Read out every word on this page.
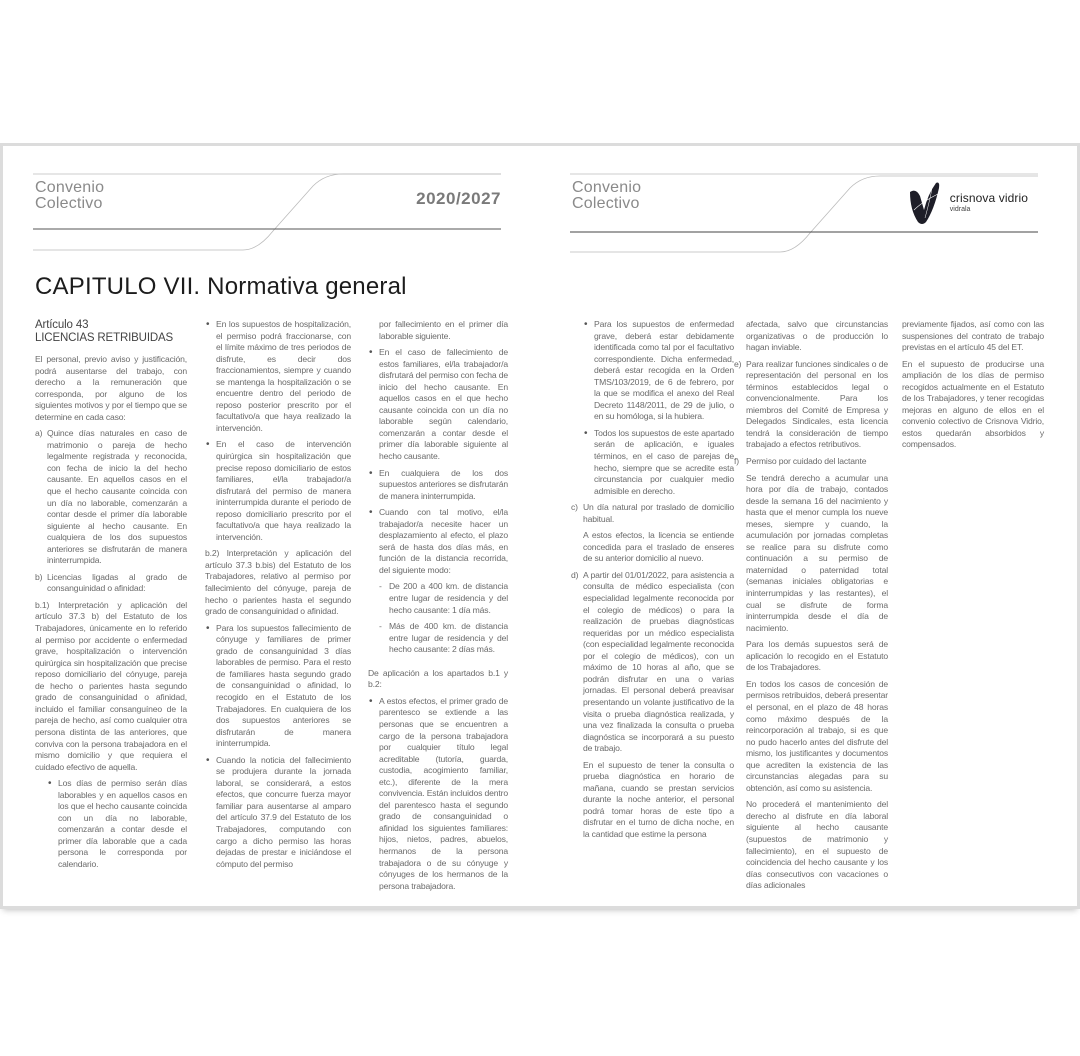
Convenio
Colectivo	2020/2027
CAPITULO VII. Normativa general
Artículo 43
LICENCIAS RETRIBUIDAS

El personal, previo aviso y justificación, podrá ausentarse del trabajo, con derecho a la remuneración que corresponda, por alguno de los siguientes motivos y por el tiempo que se determine en cada caso:

a) Quince días naturales en caso de matrimonio o pareja de hecho legalmente registrada y reconocida, con fecha de inicio la del hecho causante. En aquellos casos en el que el hecho causante coincida con un día no laborable, comenzarán a contar desde el primer día laborable siguiente al hecho causante. En cualquiera de los dos supuestos anteriores se disfrutarán de manera ininterrumpida.
b) Licencias ligadas al grado de consanguinidad o afinidad:

b.1) Interpretación y aplicación del artículo 37.3 b) del Estatuto de los Trabajadores, únicamente en lo referido al permiso por accidente o enfermedad grave, hospitalización o intervención quirúrgica sin hospitalización que precise reposo domiciliario del cónyuge, pareja de hecho o parientes hasta segundo grado de consanguinidad o afinidad, incluido el familiar consanguíneo de la pareja de hecho, así como cualquier otra persona distinta de las anteriores, que conviva con la persona trabajadora en el mismo domicilio y que requiera el cuidado efectivo de aquella.

• Los días de permiso serán días laborables y en aquellos casos en los que el hecho causante coincida con un día no laborable, comenzarán a contar desde el primer día laborable que a cada persona le corresponda por calendario.
• En los supuestos de hospitalización, el permiso podrá fraccionarse, con el límite máximo de tres periodos de disfrute, es decir dos fraccionamientos, siempre y cuando se mantenga la hospitalización o se encuentre dentro del periodo de reposo posterior prescrito por el facultativo/a que haya realizado la intervención.
• En el caso de intervención quirúrgica sin hospitalización que precise reposo domiciliario de estos familiares, el/la trabajador/a disfrutará del permiso de manera ininterrumpida durante el periodo de reposo domiciliario prescrito por el facultativo/a que haya realizado la intervención.

b.2) Interpretación y aplicación del artículo 37.3 b.bis) del Estatuto de los Trabajadores, relativo al permiso por fallecimiento del cónyuge, pareja de hecho o parientes hasta el segundo grado de consanguinidad o afinidad.

• Para los supuestos fallecimiento de cónyuge y familiares de primer grado de consanguinidad 3 días laborables de permiso. Para el resto de familiares hasta segundo grado de consanguinidad o afinidad, lo recogido en el Estatuto de los Trabajadores. En cualquiera de los dos supuestos anteriores se disfrutarán de manera ininterrumpida.
• Cuando la noticia del fallecimiento se produjera durante la jornada laboral, se considerará, a estos efectos, que concurre fuerza mayor familiar para ausentarse al amparo del artículo 37.9 del Estatuto de los Trabajadores, computando con cargo a dicho permiso las horas dejadas de prestar e iniciándose el cómputo del permiso

por fallecimiento en el primer día laborable siguiente.

• En el caso de fallecimiento de estos familiares, el/la trabajador/a disfrutará del permiso con fecha de inicio del hecho causante. En aquellos casos en el que hecho causante coincida con un día no laborable según calendario, comenzarán a contar desde el primer día laborable siguiente al hecho causante.
• En cualquiera de los dos supuestos anteriores se disfrutarán de manera ininterrumpida.
• Cuando con tal motivo, el/la trabajador/a necesite hacer un desplazamiento al efecto, el plazo será de hasta dos días más, en función de la distancia recorrida, del siguiente modo:
- De 200 a 400 km. de distancia entre lugar de residencia y del hecho causante: 1 día más.
- Más de 400 km. de distancia entre lugar de residencia y del hecho causante: 2 días más.

De aplicación a los apartados b.1 y b.2:

• A estos efectos, el primer grado de parentesco se extiende a las personas que se encuentren a cargo de la persona trabajadora por cualquier título legal acreditable (tutoría, guarda, custodia, acogimiento familiar, etc.), diferente de la mera convivencia. Están incluidos dentro del parentesco hasta el segundo grado de consanguinidad o afinidad los siguientes familiares: hijos, nietos, padres, abuelos, hermanos de la persona trabajadora o de su cónyuge y cónyuges de los hermanos de la persona trabajadora.
Convenio
Colectivo	crisnova vidrio
vidrala
• Para los supuestos de enfermedad grave, deberá estar debidamente identificada como tal por el facultativo correspondiente. Dicha enfermedad, deberá estar recogida en la Orden TMS/103/2019, de 6 de febrero, por la que se modifica el anexo del Real Decreto 1148/2011, de 29 de julio, o en su homóloga, si la hubiera.
• Todos los supuestos de este apartado serán de aplicación, e iguales términos, en el caso de parejas de hecho, siempre que se acredite esta circunstancia por cualquier medio admisible en derecho.
c) Un día natural por traslado de domicilio habitual.

A estos efectos, la licencia se entiende concedida para el traslado de enseres de su anterior domicilio al nuevo.

d) A partir del 01/01/2022, para asistencia a consulta de médico especialista (con especialidad legalmente reconocida por el colegio de médicos) o para la realización de pruebas diagnósticas requeridas por un médico especialista (con especialidad legalmente reconocida por el colegio de médicos), con un máximo de 10 horas al año, que se podrán disfrutar en una o varias jornadas. El personal deberá preavisar presentando un volante justificativo de la visita o prueba diagnóstica realizada, y una vez finalizada la consulta o prueba diagnóstica se incorporará a su puesto de trabajo.

En el supuesto de tener la consulta o prueba diagnóstica en horario de mañana, cuando se prestan servicios durante la noche anterior, el personal podrá tomar horas de este tipo a disfrutar en el turno de dicha noche, en la cantidad que estime la persona

afectada, salvo que circunstancias organizativas o de producción lo hagan inviable.

e) Para realizar funciones sindicales o de representación del personal en los términos establecidos legal o convencionalmente. Para los miembros del Comité de Empresa y Delegados Sindicales, esta licencia tendrá la consideración de tiempo trabajado a efectos retributivos.
f) Permiso por cuidado del lactante

Se tendrá derecho a acumular una hora por día de trabajo, contados desde la semana 16 del nacimiento y hasta que el menor cumpla los nueve meses, siempre y cuando, la acumulación por jornadas completas se realice para su disfrute como continuación a su permiso de maternidad o paternidad total (semanas iniciales obligatorias e ininterrumpidas y las restantes), el cual se disfrute de forma ininterrumpida desde el día de nacimiento.

Para los demás supuestos será de aplicación lo recogido en el Estatuto de los Trabajadores.

En todos los casos de concesión de permisos retribuidos, deberá presentar el personal, en el plazo de 48 horas como máximo después de la reincorporación al trabajo, si es que no pudo hacerlo antes del disfrute del mismo, los justificantes y documentos que acrediten la existencia de las circunstancias alegadas para su obtención, así como su asistencia.

No procederá el mantenimiento del derecho al disfrute en día laboral siguiente al hecho causante (supuestos de matrimonio y fallecimiento), en el supuesto de coincidencia del hecho causante y los días consecutivos con vacaciones o días adicionales

previamente fijados, así como con las suspensiones del contrato de trabajo previstas en el artículo 45 del ET.

En el supuesto de producirse una ampliación de los días de permiso recogidos actualmente en el Estatuto de los Trabajadores, y tener recogidas mejoras en alguno de ellos en el convenio colectivo de Crisnova Vidrio, estos quedarán absorbidos y compensados.
